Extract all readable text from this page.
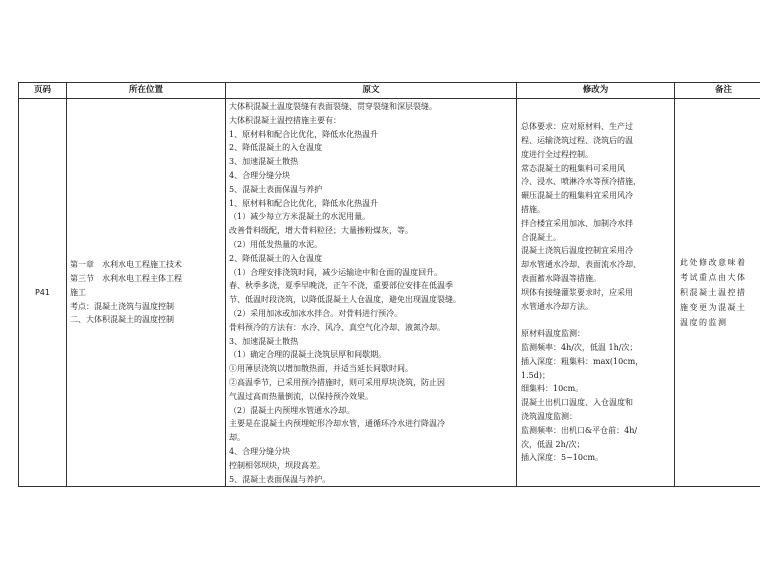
页码	所在位置	原文	修改为	备注
P41	
第一章　水利水电工程施工技术
第三节　水利水电工程主体工程
施工
考点：混凝土浇筑与温度控制
二、大体积混凝土的温度控制

大体积混凝土温度裂缝有表面裂缝、贯穿裂缝和深层裂缝。
大体积混凝土温控措施主要有：
1、原材料和配合比优化，降低水化热温升
2、降低混凝土的入仓温度
3、加速混凝土散热
4、合理分缝分块
5、混凝土表面保温与养护
1、原材料和配合比优化，降低水化热温升
（1）减少每立方米混凝土的水泥用量。
改善骨料级配，增大骨料粒径；大量掺粉煤灰，等。
（2）用低发热量的水泥。
2、降低混凝土的入仓温度
（1）合理安排浇筑时间，减少运输途中和仓面的温度回升。
春、秋季多浇，夏季早晚浇，正午不浇，重要部位安排在低温季
节、低温时段浇筑，以降低混凝土人仓温度，避免出现温度裂缝。
（2）采用加冰或加冰水拌合。对骨料进行预冷。
骨料预冷的方法有：水冷、风冷、真空气化冷却、液氮冷却。
3、加速混凝土散热
（1）确定合理的混凝土浇筑层厚和间歇期。
①用薄层浇筑以增加散热面，并适当延长间歇时间。
②高温季节，已采用预冷措施时，则可采用厚块浇筑，防止因
气温过高而热量倒流，以保持预冷效果。
（2）混凝土内预埋水管通水冷却。
主要是在混凝土内预埋蛇形冷却水管，通循环冷水进行降温冷
却。
4、合理分缝分块
控制相邻坝块，坝段高差。
5、混凝土表面保温与养护。

总体要求：应对原材料、生产过
程、运输浇筑过程、浇筑后的温
度进行全过程控制。
常态混凝土的粗集料可采用风
冷、浸水、喷淋冷水等预冷措施，
碾压混凝土的粗集料宜采用风冷
措施。
拌合楼宜采用加冰、加制冷水拌
合混凝土。
混凝土浇筑后温度控制宜采用冷
却水管通水冷却、表面流水冷却、
表面蓄水降温等措施。
坝体有接缝灌浆要求时，应采用
水管通水冷却方法。
原材料温度监测：
监测频率：4h/次，低温 1h/次；
插入深度：粗集料：max(10cm，
1.5d)；
细集料：10cm。
混凝土出机口温度、入仓温度和
浇筑温度监测：
监测频率：出机口&平仓前：4h/
次，低温 2h/次；
插入深度：5~10cm。

此处修改意味着
考试重点由大体
积混凝土温控措
施变更为混凝土
温度的监测
